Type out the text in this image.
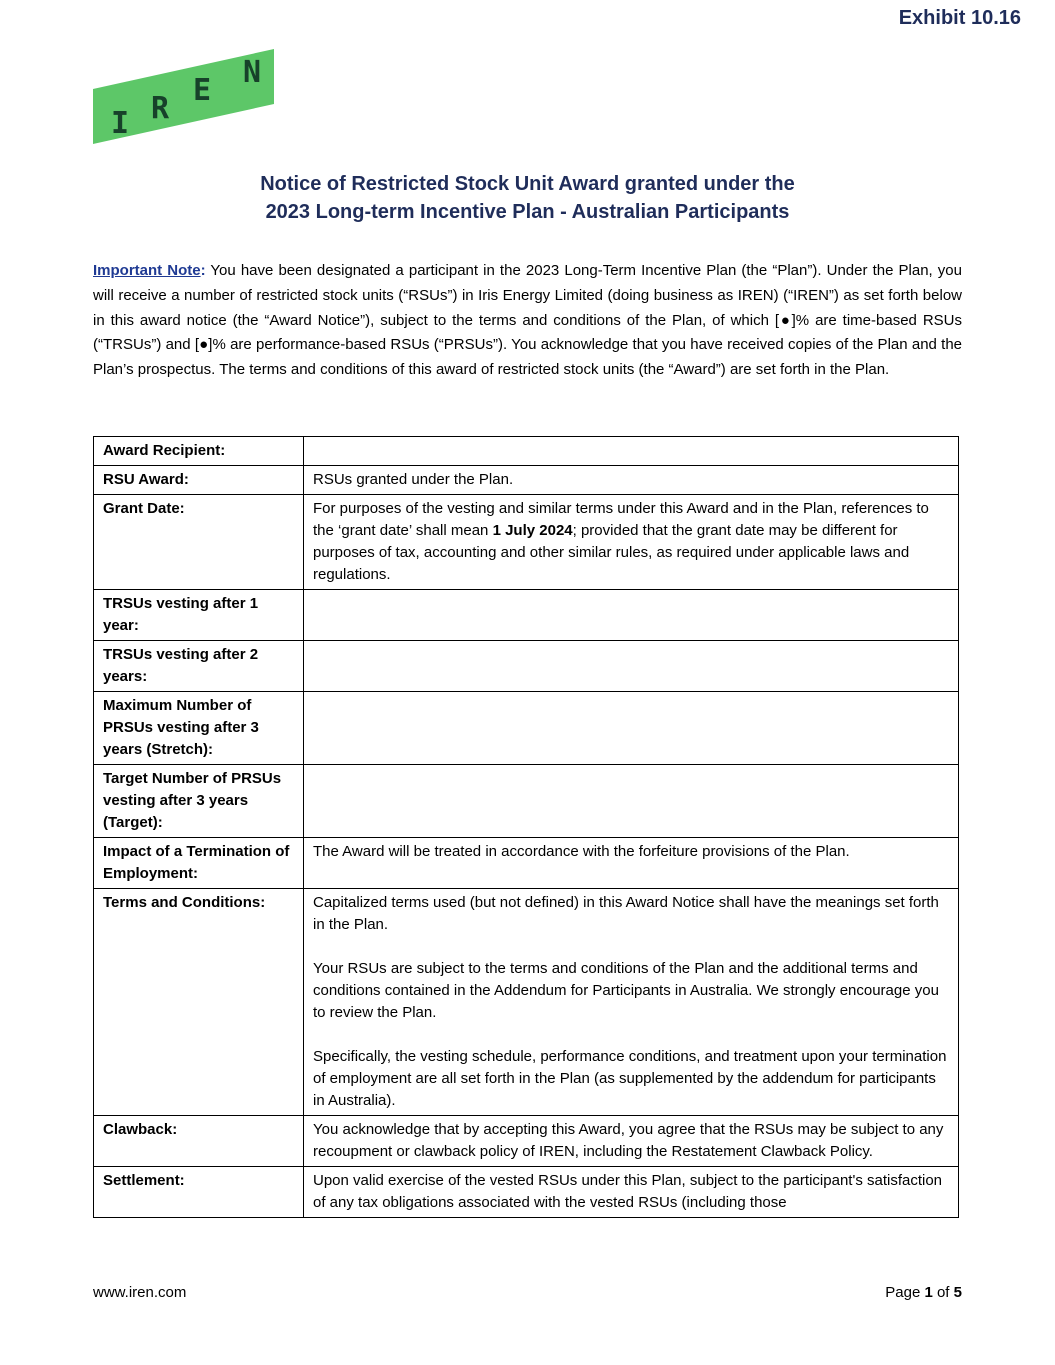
Exhibit 10.16
I R
E
N
Notice of Restricted Stock Unit Award granted under the
2023 Long-term Incentive Plan - Australian Participants
Important Note: You have been designated a participant in the 2023 Long-Term Incentive Plan (the “Plan”). Under the Plan, you will receive a number of restricted stock units (“RSUs”) in Iris Energy Limited (doing business as IREN) (“IREN”) as set forth below in this award notice (the “Award Notice”), subject to the terms and conditions of the Plan, of which [●]% are time-based RSUs (“TRSUs”) and [●]% are performance-based RSUs (“PRSUs”). You acknowledge that you have received copies of the Plan and the Plan’s prospectus. The terms and conditions of this award of restricted stock units (the “Award”) are set forth in the Plan.
Award Recipient:	
RSU Award:	RSUs granted under the Plan.
Grant Date:	For purposes of the vesting and similar terms under this Award and in the Plan, references to the ‘grant date’ shall mean 1 July 2024; provided that the grant date may be different for purposes of tax, accounting and other similar rules, as required under applicable laws and regulations.
TRSUs vesting after 1 year:	
TRSUs vesting after 2 years:	
Maximum Number of PRSUs vesting after 3 years (Stretch):	
Target Number of PRSUs vesting after 3 years (Target):	
Impact of a Termination of Employment:	The Award will be treated in accordance with the forfeiture provisions of the Plan.
Terms and Conditions:	Capitalized terms used (but not defined) in this Award Notice shall have the meanings set forth in the Plan.

Your RSUs are subject to the terms and conditions of the Plan and the additional terms and conditions contained in the Addendum for Participants in Australia. We strongly encourage you to review the Plan.

Specifically, the vesting schedule, performance conditions, and treatment upon your termination of employment are all set forth in the Plan (as supplemented by the addendum for participants in Australia).

Clawback:	You acknowledge that by accepting this Award, you agree that the RSUs may be subject to any recoupment or clawback policy of IREN, including the Restatement Clawback Policy.
Settlement:	Upon valid exercise of the vested RSUs under this Plan, subject to the participant's satisfaction of any tax obligations associated with the vested RSUs (including those
www.iren.com	Page 1 of 5
